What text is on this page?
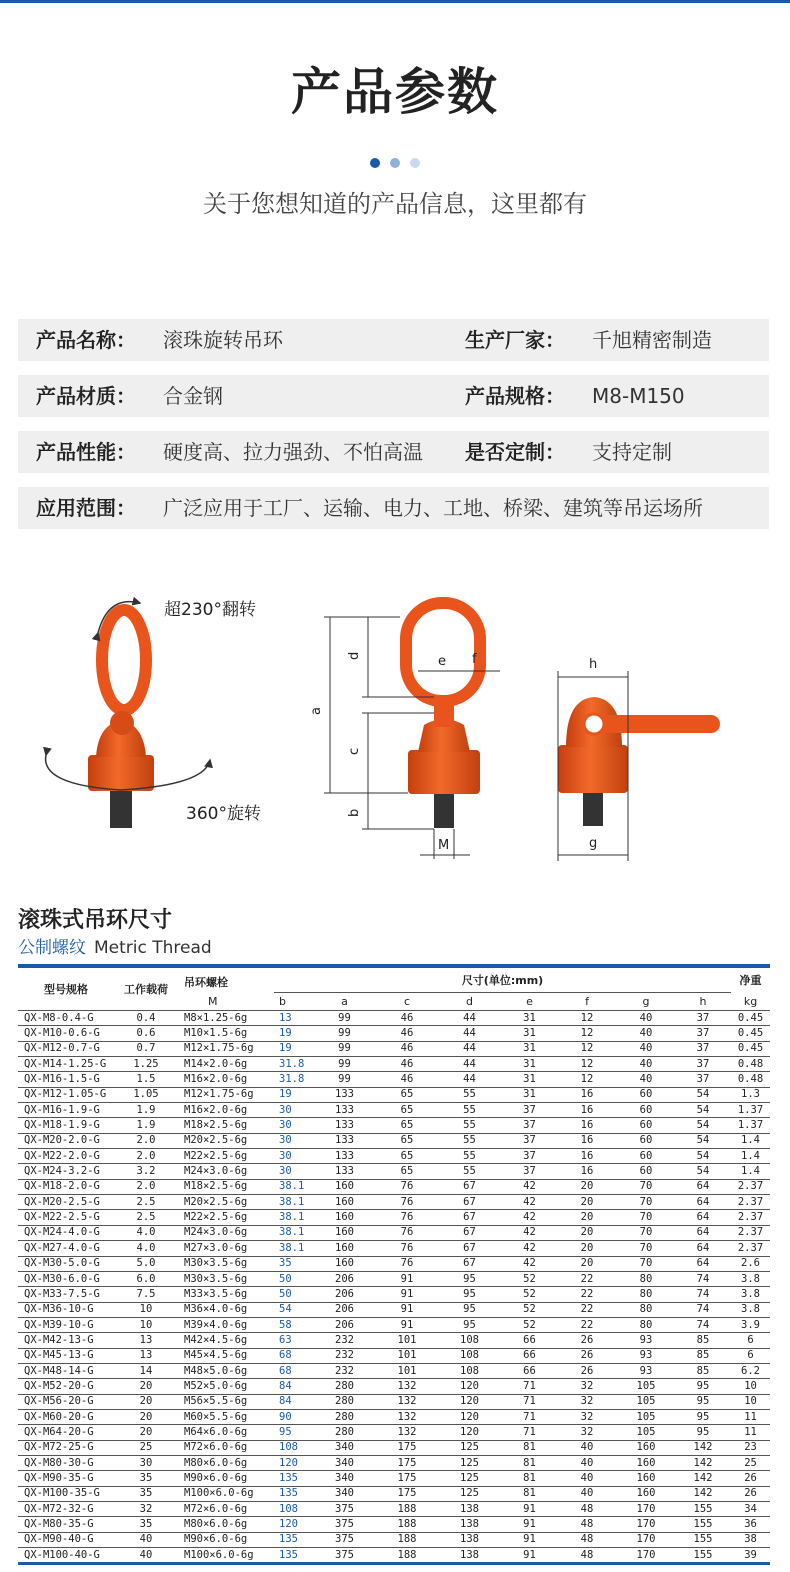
产品参数
关于您想知道的产品信息，这里都有
产品名称： 滚珠旋转吊环	生产厂家： 千旭精密制造
产品材质： 合金钢	产品规格： M8-M150
产品性能： 硬度高、拉力强劲、不怕高温 是否定制： 支持定制
应用范围： 广泛应用于工厂、运输、电力、工地、桥梁、建筑等吊运场所
超230°翻转
360°旋转
a
b
c
d	e f
M
h
g
滚珠式吊环尺寸
公制螺纹 Metric Thread
型号规格	工作载荷	吊环螺栓	尺寸(单位:mm)								净重
		M	b	a	c	d	e	f	g	h	kg
QX-M8-0.4-G	0.4	M8×1.25-6g	13	99	46	44	31	12	40	37	0.45
QX-M10-0.6-G	0.6	M10×1.5-6g	19	99	46	44	31	12	40	37	0.45
QX-M12-0.7-G	0.7	M12×1.75-6g	19	99	46	44	31	12	40	37	0.45
QX-M14-1.25-G	1.25	M14×2.0-6g	31.8	99	46	44	31	12	40	37	0.48
QX-M16-1.5-G	1.5	M16×2.0-6g	31.8	99	46	44	31	12	40	37	0.48
QX-M12-1.05-G	1.05	M12×1.75-6g	19	133	65	55	31	16	60	54	1.3
QX-M16-1.9-G	1.9	M16×2.0-6g	30	133	65	55	37	16	60	54	1.37
QX-M18-1.9-G	1.9	M18×2.5-6g	30	133	65	55	37	16	60	54	1.37
QX-M20-2.0-G	2.0	M20×2.5-6g	30	133	65	55	37	16	60	54	1.4
QX-M22-2.0-G	2.0	M22×2.5-6g	30	133	65	55	37	16	60	54	1.4
QX-M24-3.2-G	3.2	M24×3.0-6g	30	133	65	55	37	16	60	54	1.4
QX-M18-2.0-G	2.0	M18×2.5-6g	38.1	160	76	67	42	20	70	64	2.37
QX-M20-2.5-G	2.5	M20×2.5-6g	38.1	160	76	67	42	20	70	64	2.37
QX-M22-2.5-G	2.5	M22×2.5-6g	38.1	160	76	67	42	20	70	64	2.37
QX-M24-4.0-G	4.0	M24×3.0-6g	38.1	160	76	67	42	20	70	64	2.37
QX-M27-4.0-G	4.0	M27×3.0-6g	38.1	160	76	67	42	20	70	64	2.37
QX-M30-5.0-G	5.0	M30×3.5-6g	35	160	76	67	42	20	70	64	2.6
QX-M30-6.0-G	6.0	M30×3.5-6g	50	206	91	95	52	22	80	74	3.8
QX-M33-7.5-G	7.5	M33×3.5-6g	50	206	91	95	52	22	80	74	3.8
QX-M36-10-G	10	M36×4.0-6g	54	206	91	95	52	22	80	74	3.8
QX-M39-10-G	10	M39×4.0-6g	58	206	91	95	52	22	80	74	3.9
QX-M42-13-G	13	M42×4.5-6g	63	232	101	108	66	26	93	85	6
QX-M45-13-G	13	M45×4.5-6g	68	232	101	108	66	26	93	85	6
QX-M48-14-G	14	M48×5.0-6g	68	232	101	108	66	26	93	85	6.2
QX-M52-20-G	20	M52×5.0-6g	84	280	132	120	71	32	105	95	10
QX-M56-20-G	20	M56×5.5-6g	84	280	132	120	71	32	105	95	10
QX-M60-20-G	20	M60×5.5-6g	90	280	132	120	71	32	105	95	11
QX-M64-20-G	20	M64×6.0-6g	95	280	132	120	71	32	105	95	11
QX-M72-25-G	25	M72×6.0-6g	108	340	175	125	81	40	160	142	23
QX-M80-30-G	30	M80×6.0-6g	120	340	175	125	81	40	160	142	25
QX-M90-35-G	35	M90×6.0-6g	135	340	175	125	81	40	160	142	26
QX-M100-35-G	35	M100×6.0-6g	135	340	175	125	81	40	160	142	26
QX-M72-32-G	32	M72×6.0-6g	108	375	188	138	91	48	170	155	34
QX-M80-35-G	35	M80×6.0-6g	120	375	188	138	91	48	170	155	36
QX-M90-40-G	40	M90×6.0-6g	135	375	188	138	91	48	170	155	38
QX-M100-40-G	40	M100×6.0-6g	135	375	188	138	91	48	170	155	39
